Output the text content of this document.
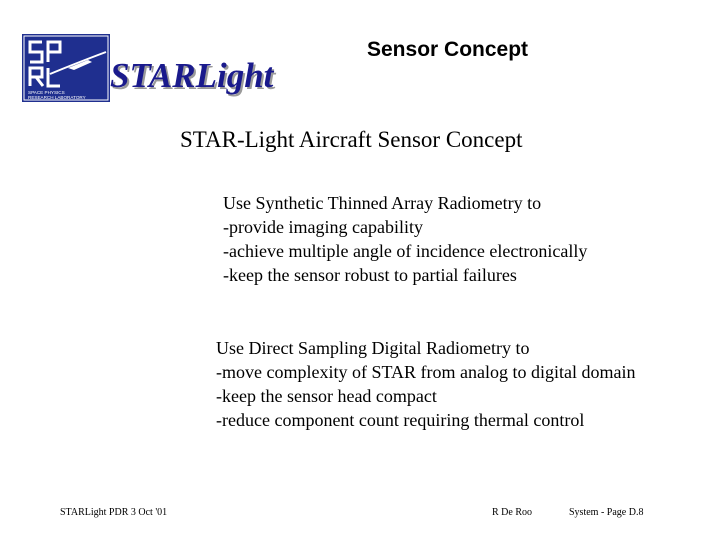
SPACE PHYSICS
RESEARCH LABORATORY
STARLight
Sensor Concept
STAR-Light Aircraft Sensor Concept
Use Synthetic Thinned Array Radiometry to
-provide imaging capability
-achieve multiple angle of incidence electronically
-keep the sensor robust to partial failures
Use Direct Sampling Digital Radiometry to
-move complexity of STAR from analog to digital domain
-keep the sensor head compact
-reduce component count requiring thermal control
STARLight PDR 3 Oct '01	R De Roo	System - Page D.8
